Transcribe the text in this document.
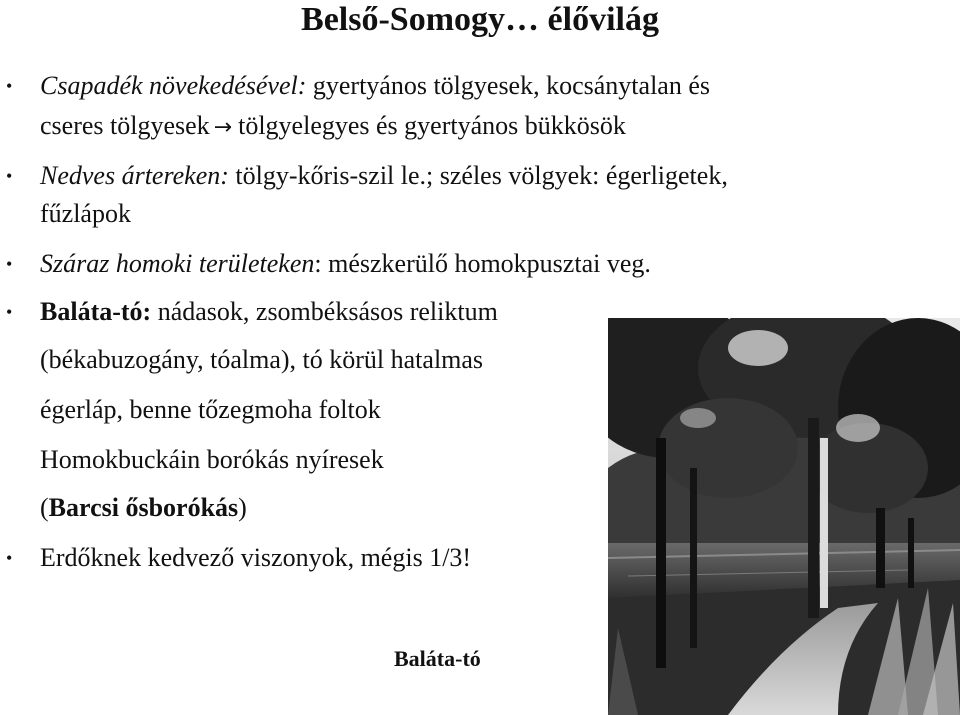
Belső-Somogy… élővilág
• Csapadék növekedésével: gyertyános tölgyesek, kocsánytalan és
cseres tölgyesek → tölgyelegyes és gyertyános bükkösök
• Nedves ártereken: tölgy-kőris-szil le.; széles völgyek: égerligetek,
fűzlápok
• Száraz homoki területeken: mészkerülő homokpusztai veg.
• Baláta-tó: nádasok, zsombéksásos reliktum
(békabuzogány, tóalma), tó körül hatalmas
égerláp, benne tőzegmoha foltok
Homokbuckáin borókás nyíresek
(Barcsi ősborókás)
• Erdőknek kedvező viszonyok, mégis 1/3!
Baláta-tó
